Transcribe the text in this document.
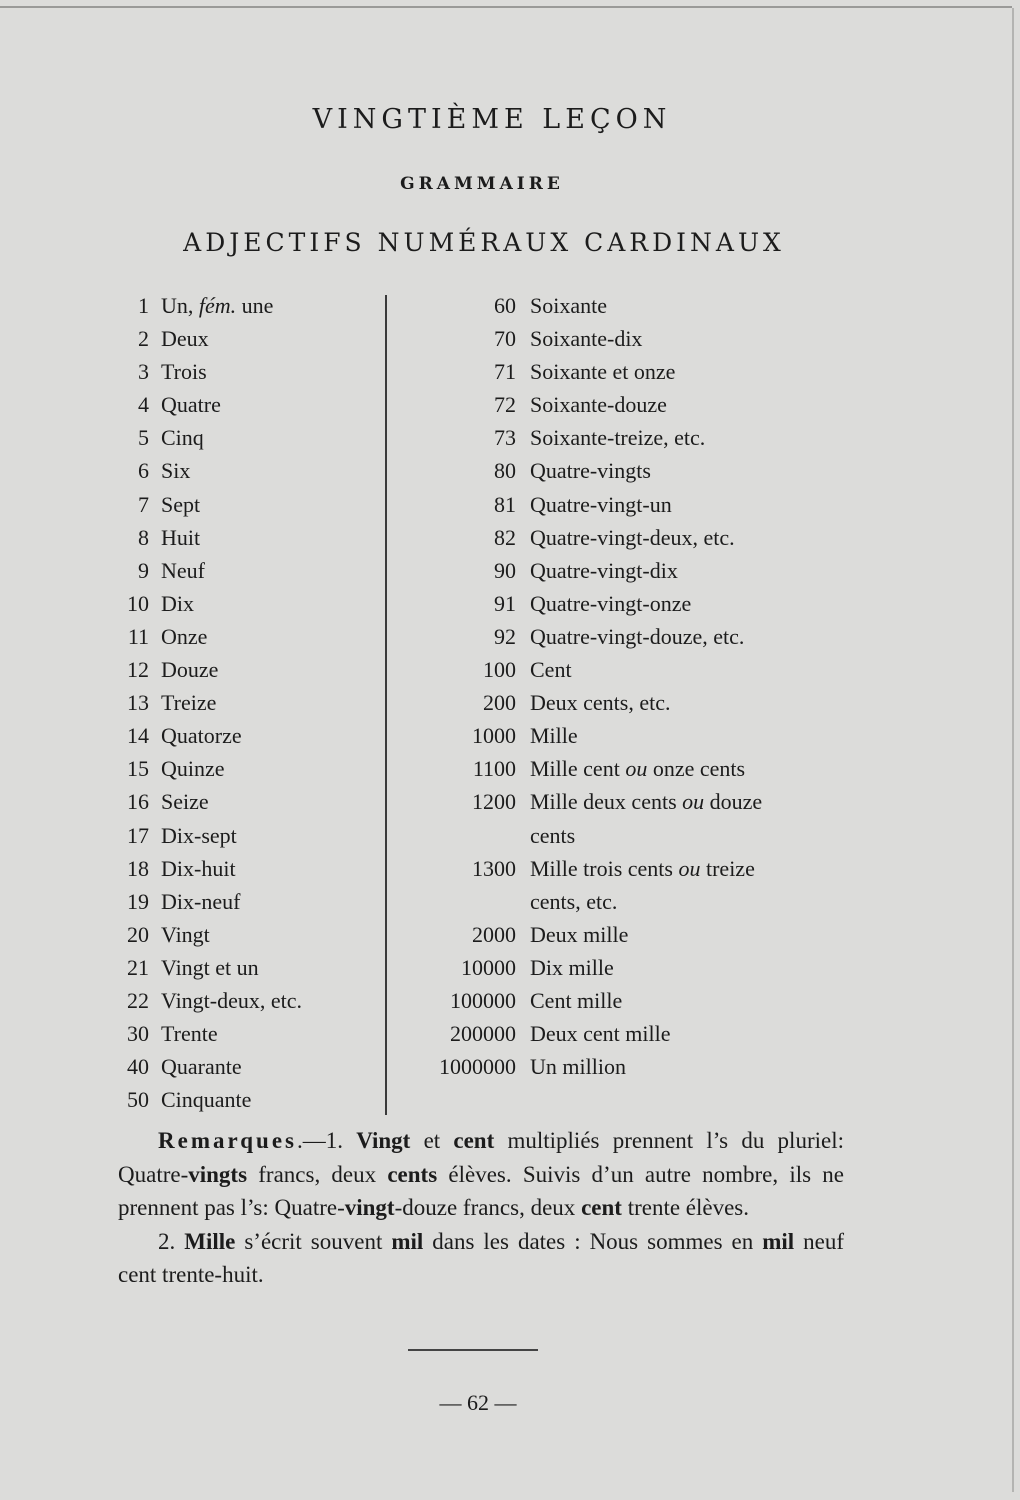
VINGTIÈME LEÇON
GRAMMAIRE
ADJECTIFS NUMÉRAUX CARDINAUX
1 Un, fém. une
2 Deux
3 Trois
4 Quatre
5 Cinq
6 Six
7 Sept
8 Huit
9 Neuf
10 Dix
11 Onze
12 Douze
13 Treize
14 Quatorze
15 Quinze
16 Seize
17 Dix-sept
18 Dix-huit
19 Dix-neuf
20 Vingt
21 Vingt et un
22 Vingt-deux, etc.
30 Trente
40 Quarante
50 Cinquante
60 Soixante
70 Soixante-dix
71 Soixante et onze
72 Soixante-douze
73 Soixante-treize, etc.
80 Quatre-vingts
81 Quatre-vingt-un
82 Quatre-vingt-deux, etc.
90 Quatre-vingt-dix
91 Quatre-vingt-onze
92 Quatre-vingt-douze, etc.
100 Cent
200 Deux cents, etc.
1000 Mille
1100 Mille cent ou onze cents
1200 Mille deux cents ou douze
cents
1300 Mille trois cents ou treize
cents, etc.
2000 Deux mille
10000 Dix mille
100000 Cent mille
200000 Deux cent mille
1000000 Un million

Remarques.—1. Vingt et cent multipliés prennent l’s du pluriel: Quatre-vingts francs, deux cents élèves. Suivis d’un autre nombre, ils ne prennent pas l’s: Quatre-vingt-douze francs, deux cent trente élèves.

2. Mille s’écrit souvent mil dans les dates : Nous sommes en mil neuf cent trente-huit.

— 62 —
